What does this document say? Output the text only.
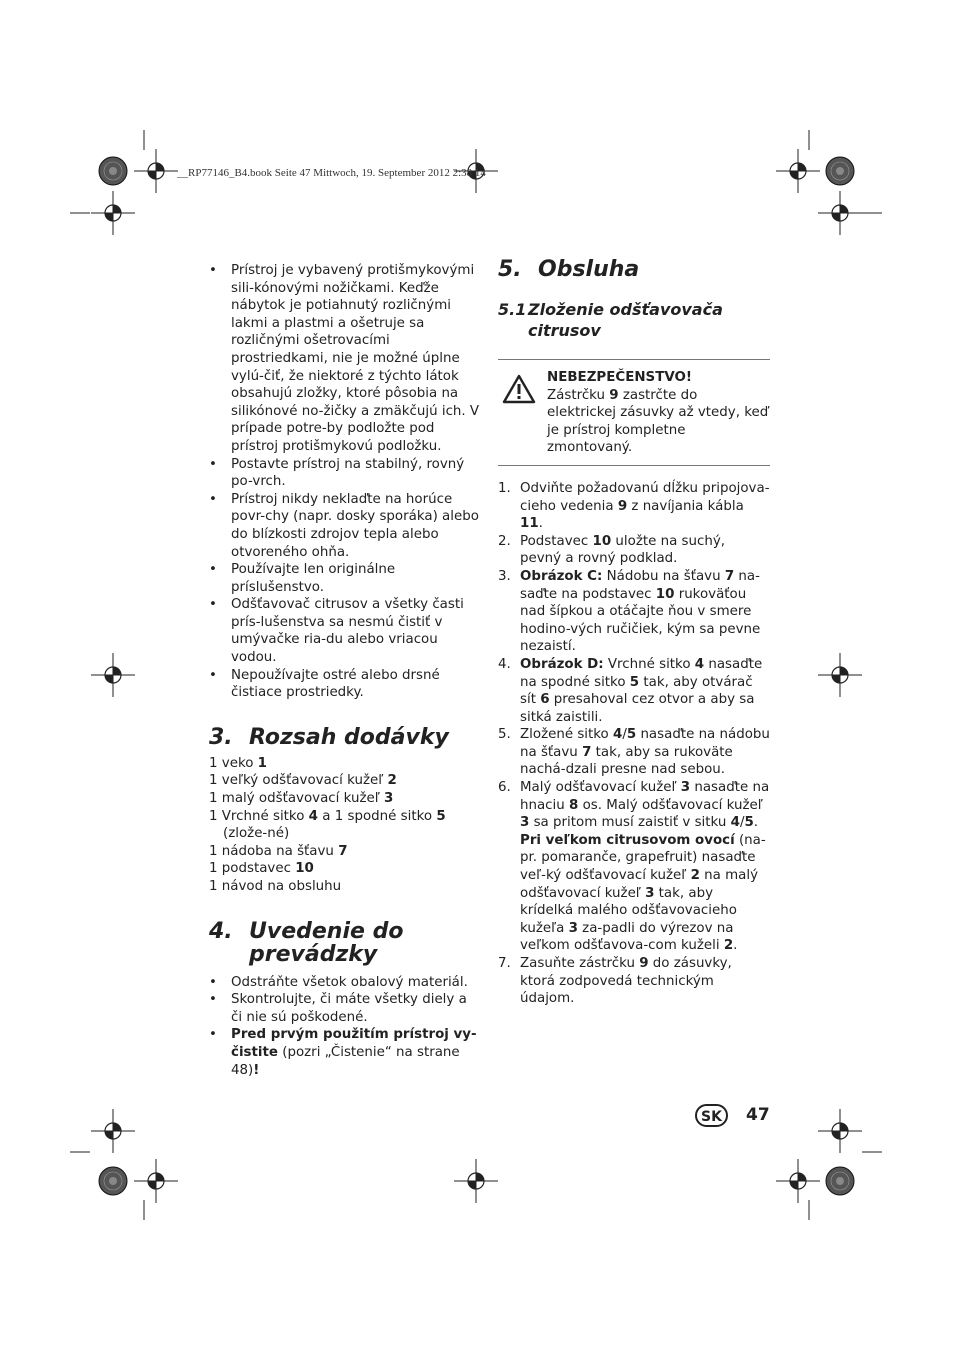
__RP77146_B4.book Seite 47 Mittwoch, 19. September 2012 2:38 14
• Prístroj je vybavený protišmykovými sili-kónovými nožičkami. Keďže nábytok je potiahnutý rozličnými lakmi a plastmi a ošetruje sa rozličnými ošetrovacími prostriedkami, nie je možné úplne vylú-čiť, že niektoré z týchto látok obsahujú zložky, ktoré pôsobia na silikónové no-žičky a zmäkčujú ich. V prípade potre-by podložte pod prístroj protišmykovú podložku.
• Postavte prístroj na stabilný, rovný po-vrch.
• Prístroj nikdy neklaďte na horúce povr-chy (napr. dosky sporáka) alebo do blízkosti zdrojov tepla alebo otvoreného ohňa.
• Používajte len originálne príslušenstvo.
• Odšťavovač citrusov a všetky časti prís-lušenstva sa nesmú čistiť v umývačke ria-du alebo vriacou vodou.
• Nepoužívajte ostré alebo drsné čistiace prostriedky.
3. Rozsah dodávky
1 veko 1
1 veľký odšťavovací kužeľ 2
1 malý odšťavovací kužeľ 3
1 Vrchné sitko 4 a 1 spodné sitko 5 (zlože-né)
1 nádoba na šťavu 7
1 podstavec 10
1 návod na obsluhu
4. Uvedenie do
prevádzky
• Odstráňte všetok obalový materiál.
• Skontrolujte, či máte všetky diely a či nie sú poškodené.
• Pred prvým použitím prístroj vy-čistite (pozri „Čistenie“ na strane 48)!
5. Obsluha
5.1 Zloženie odšťavovača
citrusov
NEBEZPEČENSTVO!
Zástrčku 9 zastrčte do elektrickej zásuvky až vtedy, keď je prístroj kompletne zmontovaný.
1. Odviňte požadovanú dĺžku pripojova-cieho vedenia 9 z navíjania kábla 11.
2. Podstavec 10 uložte na suchý, pevný a rovný podklad.
3. Obrázok C: Nádobu na šťavu 7 na-saďte na podstavec 10 rukoväťou nad šípkou a otáčajte ňou v smere hodino-vých ručičiek, kým sa pevne nezaistí.
4. Obrázok D: Vrchné sitko 4 nasaďte na spodné sitko 5 tak, aby otvárač sít 6 presahoval cez otvor a aby sa sitká zaistili.
5. Zložené sitko 4/5 nasaďte na nádobu na šťavu 7 tak, aby sa rukoväte nachá-dzali presne nad sebou.
6. Malý odšťavovací kužeľ 3 nasaďte na hnaciu 8 os. Malý odšťavovací kužeľ 3 sa pritom musí zaistiť v sitku 4/5.
Pri veľkom citrusovom ovocí (na-pr. pomaranče, grapefruit) nasaďte veľ-ký odšťavovací kužeľ 2 na malý odšťavovací kužeľ 3 tak, aby krídelká malého odšťavovacieho kužeľa 3 za-padli do výrezov na veľkom odšťavova-com kuželi 2.
7. Zasuňte zástrčku 9 do zásuvky, ktorá zodpovedá technickým údajom.
SK	47
